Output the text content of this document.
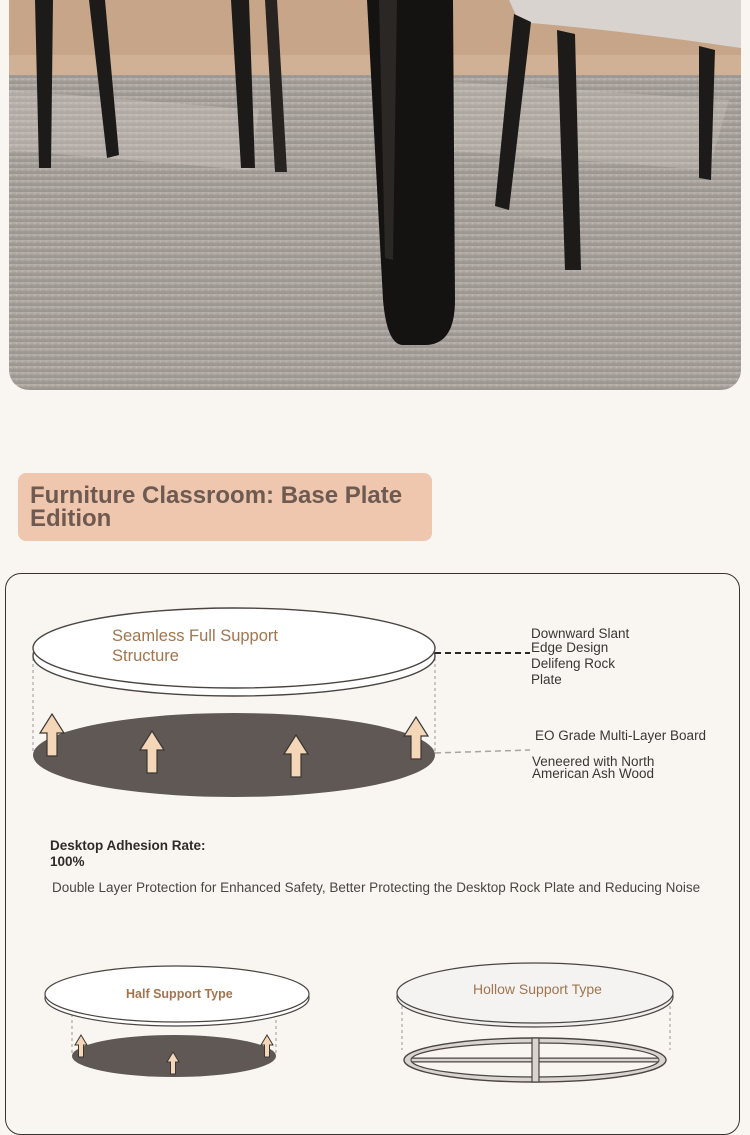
Furniture Classroom: Base Plate
Edition

Seamless Full Support
Structure

Downward Slant
Edge Design

Delifeng Rock
Plate

EO Grade Multi-Layer Board

Veneered with North
American Ash Wood

Desktop Adhesion Rate:
100%

Double Layer Protection for Enhanced Safety, Better Protecting the Desktop Rock Plate and Reducing Noise

Half Support Type	Hollow Support Type
